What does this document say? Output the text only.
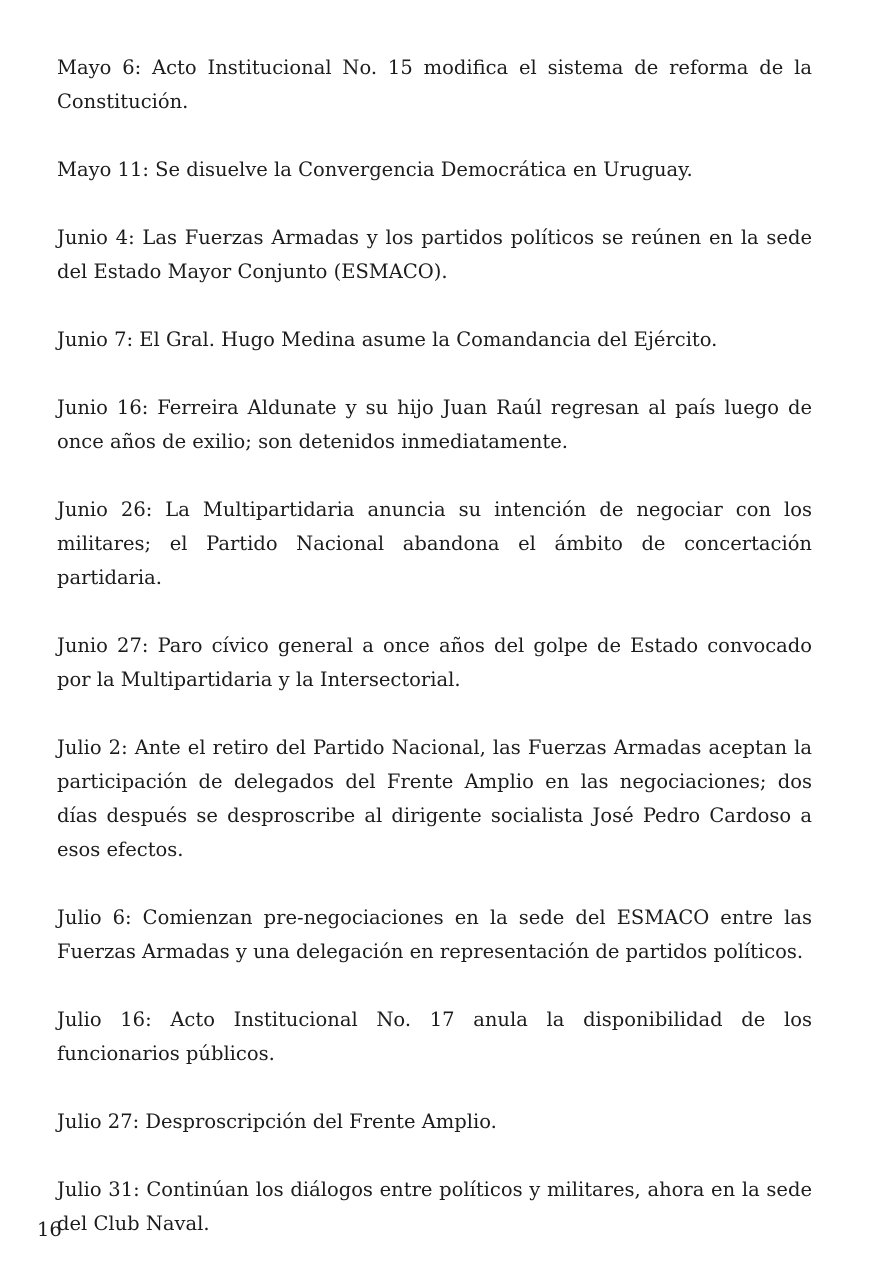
Mayo 6: Acto Institucional No. 15 modifica el sistema de reforma de la Constitución.

Mayo 11: Se disuelve la Convergencia Democrática en Uruguay.

Junio 4: Las Fuerzas Armadas y los partidos políticos se reúnen en la sede del Estado Mayor Conjunto (ESMACO).

Junio 7: El Gral. Hugo Medina asume la Comandancia del Ejército.

Junio 16: Ferreira Aldunate y su hijo Juan Raúl regresan al país luego de once años de exilio; son detenidos inmediatamente.

Junio 26: La Multipartidaria anuncia su intención de negociar con los militares; el Partido Nacional abandona el ámbito de concertación partidaria.

Junio 27: Paro cívico general a once años del golpe de Estado convocado por la Multipartidaria y la Intersectorial.

Julio 2: Ante el retiro del Partido Nacional, las Fuerzas Armadas aceptan la participación de delegados del Frente Amplio en las negociaciones; dos días después se desproscribe al dirigente socialista José Pedro Cardoso a esos efectos.

Julio 6: Comienzan pre-negociaciones en la sede del ESMACO entre las Fuerzas Armadas y una delegación en representación de partidos políticos.

Julio 16: Acto Institucional No. 17 anula la disponibilidad de los funcionarios públicos.

Julio 27: Desproscripción del Frente Amplio.

Julio 31: Continúan los diálogos entre políticos y militares, ahora en la sede del Club Naval.

16
